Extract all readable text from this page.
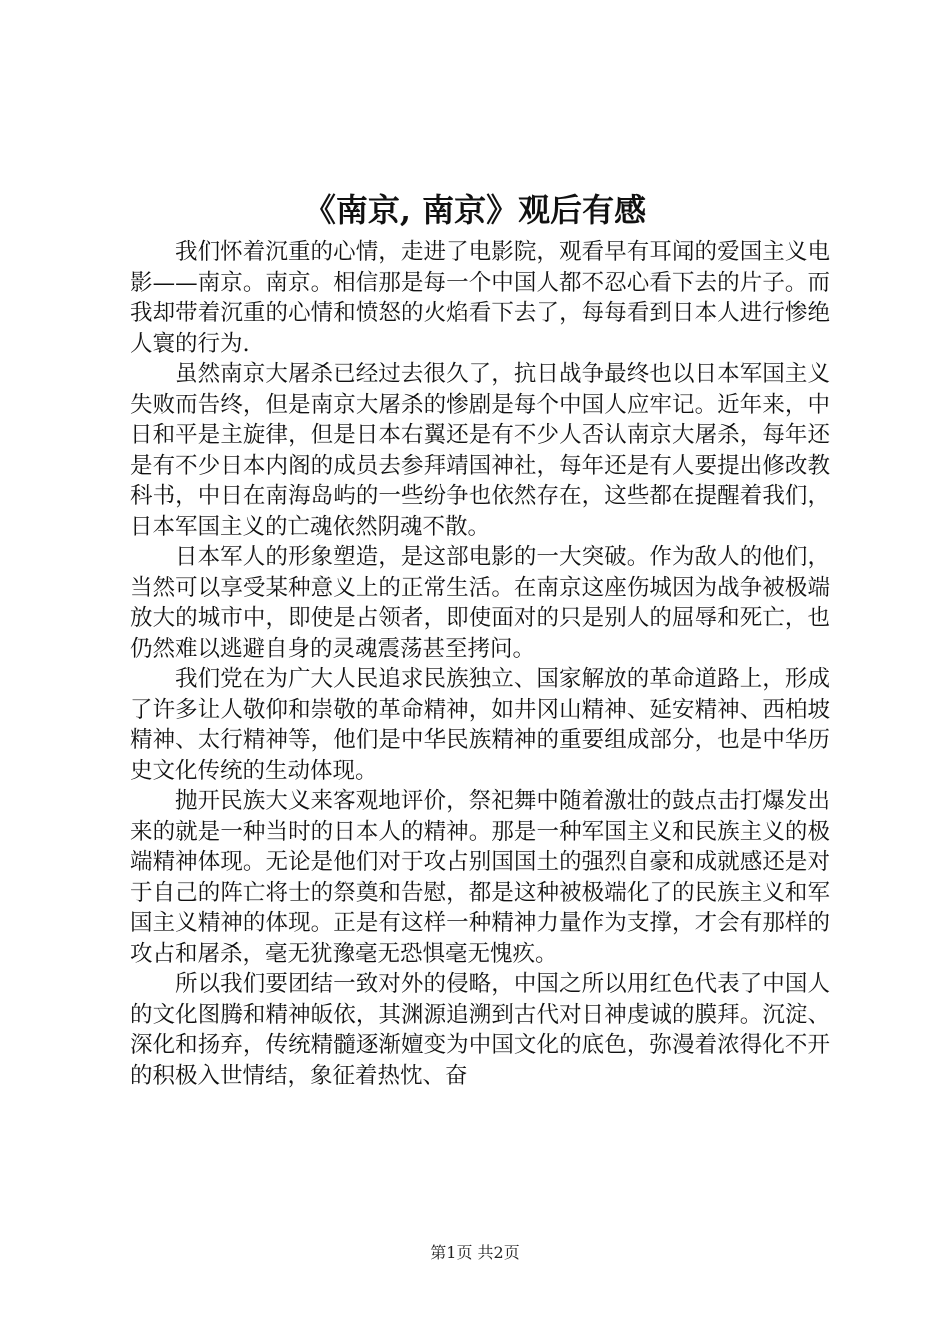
《南京, 南京》观后有感

我们怀着沉重的心情，走进了电影院，观看早有耳闻的爱国主义电影——南京。南京。相信那是每一个中国人都不忍心看下去的片子。而我却带着沉重的心情和愤怒的火焰看下去了，每每看到日本人进行惨绝人寰的行为.

虽然南京大屠杀已经过去很久了，抗日战争最终也以日本军国主义失败而告终，但是南京大屠杀的惨剧是每个中国人应牢记。近年来，中日和平是主旋律，但是日本右翼还是有不少人否认南京大屠杀，每年还是有不少日本内阁的成员去参拜靖国神社，每年还是有人要提出修改教科书，中日在南海岛屿的一些纷争也依然存在，这些都在提醒着我们，日本军国主义的亡魂依然阴魂不散。

日本军人的形象塑造，是这部电影的一大突破。作为敌人的他们，当然可以享受某种意义上的正常生活。在南京这座伤城因为战争被极端放大的城市中，即使是占领者，即使面对的只是别人的屈辱和死亡，也仍然难以逃避自身的灵魂震荡甚至拷问。

我们党在为广大人民追求民族独立、国家解放的革命道路上，形成了许多让人敬仰和崇敬的革命精神，如井冈山精神、延安精神、西柏坡精神、太行精神等，他们是中华民族精神的重要组成部分，也是中华历史文化传统的生动体现。

抛开民族大义来客观地评价，祭祀舞中随着激壮的鼓点击打爆发出来的就是一种当时的日本人的精神。那是一种军国主义和民族主义的极端精神体现。无论是他们对于攻占别国国土的强烈自豪和成就感还是对于自己的阵亡将士的祭奠和告慰，都是这种被极端化了的民族主义和军国主义精神的体现。正是有这样一种精神力量作为支撑，才会有那样的攻占和屠杀，毫无犹豫毫无恐惧毫无愧疚。

所以我们要团结一致对外的侵略，中国之所以用红色代表了中国人的文化图腾和精神皈依，其渊源追溯到古代对日神虔诚的膜拜。沉淀、深化和扬弃，传统精髓逐渐嬗变为中国文化的底色，弥漫着浓得化不开的积极入世情结，象征着热忱、奋

第1页 共2页
